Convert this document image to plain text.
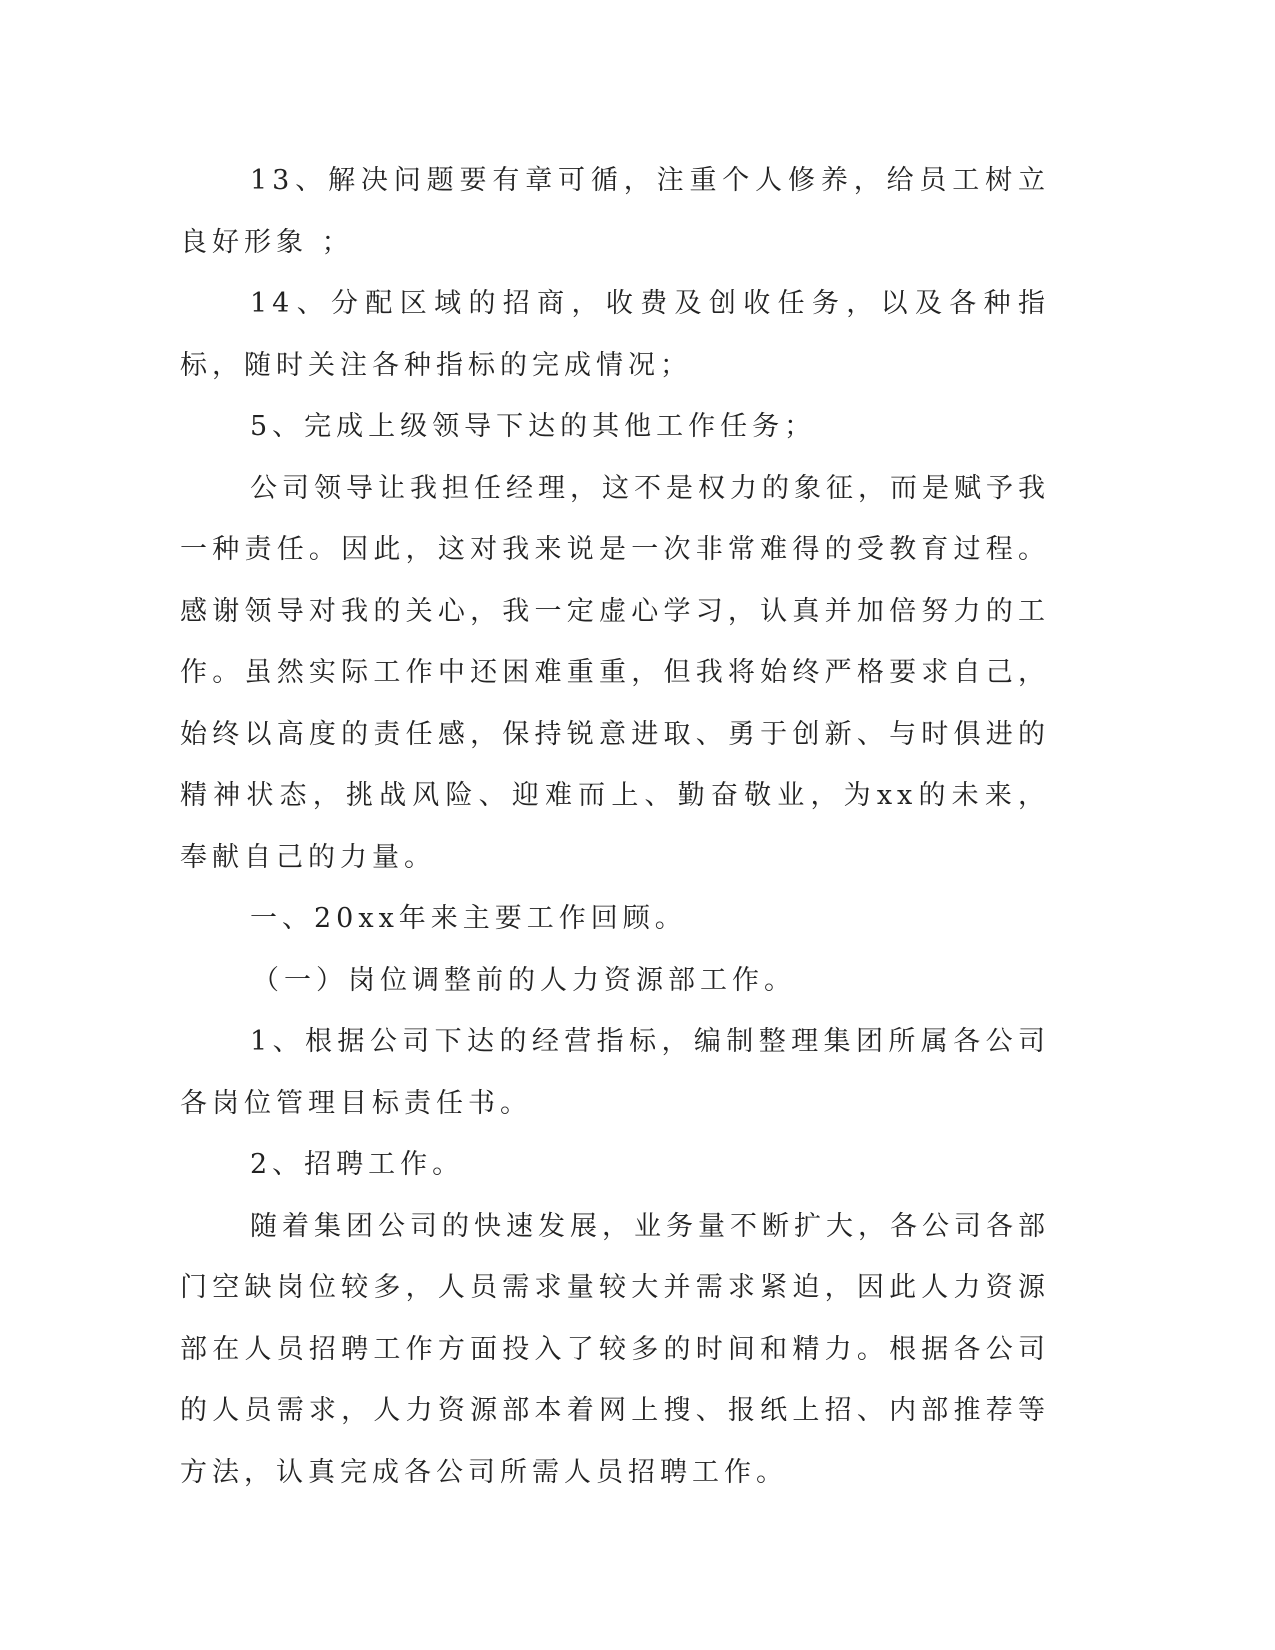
13、解决问题要有章可循，注重个人修养，给员工树立良好形象 ；

14、分配区域的招商，收费及创收任务，以及各种指标，随时关注各种指标的完成情况；

5、完成上级领导下达的其他工作任务；

公司领导让我担任经理，这不是权力的象征，而是赋予我一种责任。因此，这对我来说是一次非常难得的受教育过程。感谢领导对我的关心，我一定虚心学习，认真并加倍努力的工作。虽然实际工作中还困难重重，但我将始终严格要求自己，始终以高度的责任感，保持锐意进取、勇于创新、与时俱进的精神状态，挑战风险、迎难而上、勤奋敬业，为xx的未来，奉献自己的力量。

一、20xx年来主要工作回顾。

（一）岗位调整前的人力资源部工作。

1、根据公司下达的经营指标，编制整理集团所属各公司各岗位管理目标责任书。

2、招聘工作。

随着集团公司的快速发展，业务量不断扩大，各公司各部门空缺岗位较多，人员需求量较大并需求紧迫，因此人力资源部在人员招聘工作方面投入了较多的时间和精力。根据各公司的人员需求，人力资源部本着网上搜、报纸上招、内部推荐等方法，认真完成各公司所需人员招聘工作。
